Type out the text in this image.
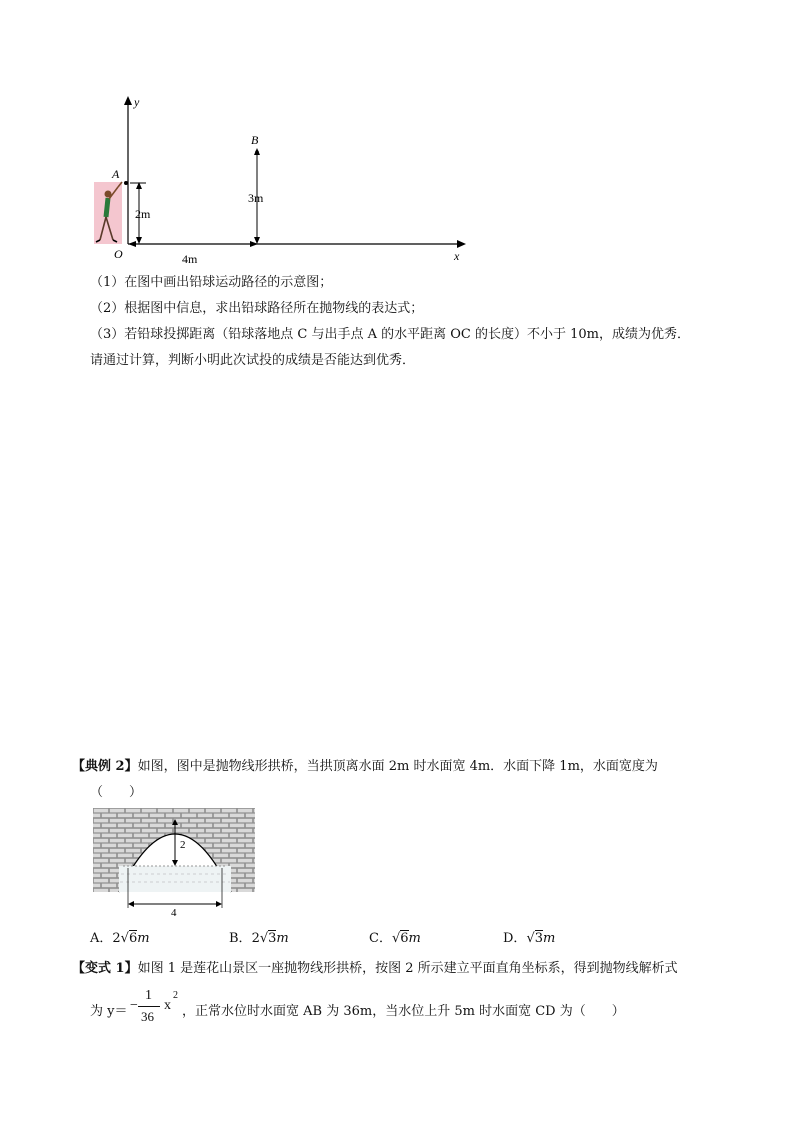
y
x
O
A
B
2m
3m
4m
（1）在图中画出铅球运动路径的示意图；
（2）根据图中信息，求出铅球路径所在抛物线的表达式；
（3）若铅球投掷距离（铅球落地点 C 与出手点 A 的水平距离 OC 的长度）不小于 10m，成绩为优秀．
请通过计算，判断小明此次试投的成绩是否能达到优秀．
【典例 2】如图，图中是抛物线形拱桥，当拱顶离水面 2m 时水面宽 4m．水面下降 1m，水面宽度为
（　　）
2
4
A．2√6m	B．2√3m	C．√6m	D．√3m
【变式 1】如图 1 是莲花山景区一座抛物线形拱桥，按图 2 所示建立平面直角坐标系，得到抛物线解析式
为 y＝ −
1
36
x
2
，正常水位时水面宽 AB 为 36m，当水位上升 5m 时水面宽 CD 为（　　）
